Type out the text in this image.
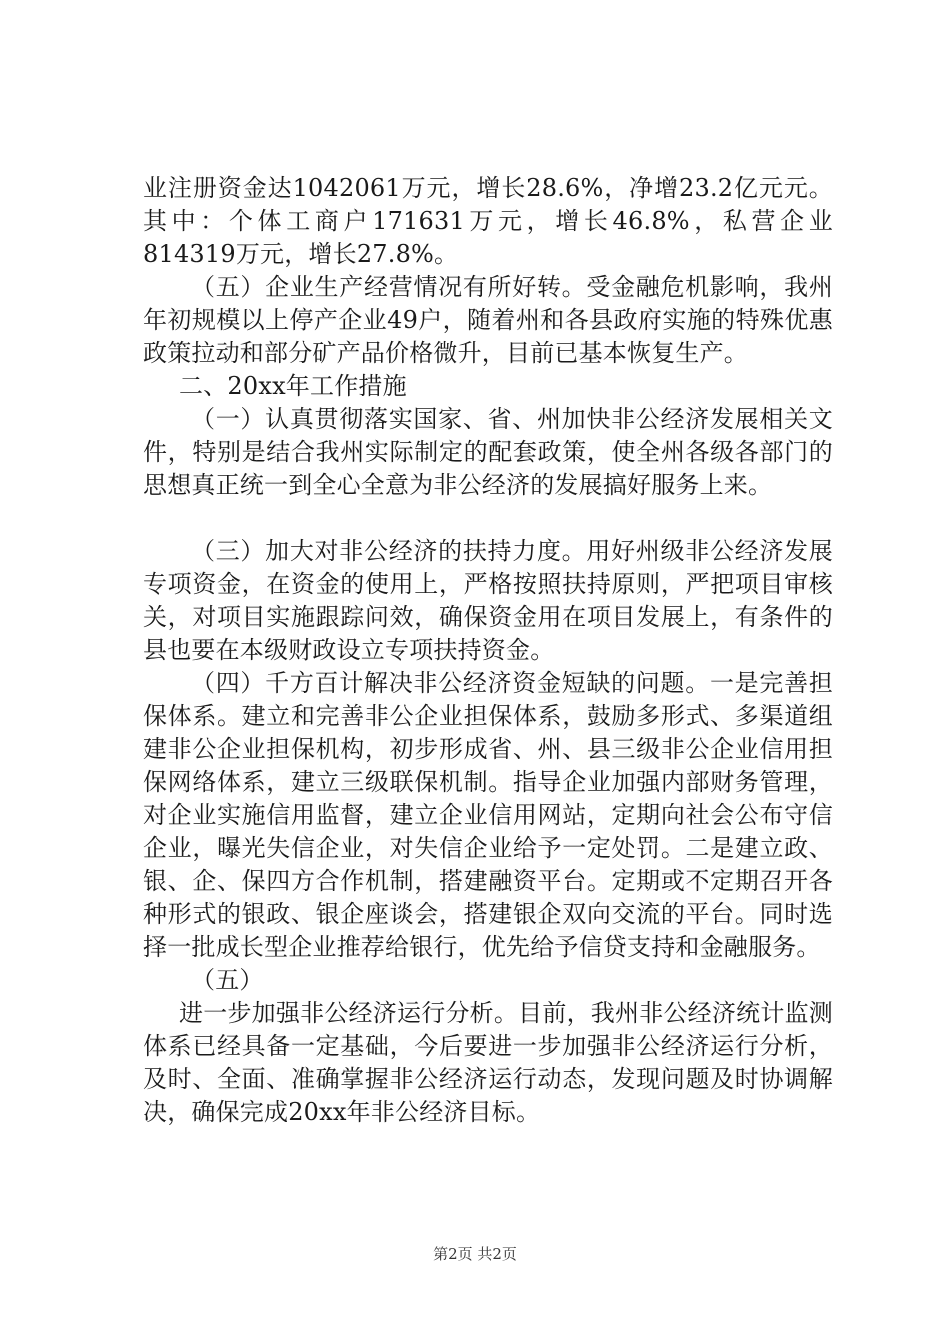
业注册资金达1042061万元，增长28.6%，净增23.2亿元元。其中：个体工商户171631万元，增长46.8%，私营企业814319万元，增长27.8%。

（五）企业生产经营情况有所好转。受金融危机影响，我州年初规模以上停产企业49户，随着州和各县政府实施的特殊优惠政策拉动和部分矿产品价格微升，目前已基本恢复生产。

二、20xx年工作措施

（一）认真贯彻落实国家、省、州加快非公经济发展相关文件，特别是结合我州实际制定的配套政策，使全州各级各部门的思想真正统一到全心全意为非公经济的发展搞好服务上来。

（三）加大对非公经济的扶持力度。用好州级非公经济发展专项资金，在资金的使用上，严格按照扶持原则，严把项目审核关，对项目实施跟踪问效，确保资金用在项目发展上，有条件的县也要在本级财政设立专项扶持资金。

（四）千方百计解决非公经济资金短缺的问题。一是完善担保体系。建立和完善非公企业担保体系，鼓励多形式、多渠道组建非公企业担保机构，初步形成省、州、县三级非公企业信用担保网络体系，建立三级联保机制。指导企业加强内部财务管理，对企业实施信用监督，建立企业信用网站，定期向社会公布守信企业，曝光失信企业，对失信企业给予一定处罚。二是建立政、银、企、保四方合作机制，搭建融资平台。定期或不定期召开各种形式的银政、银企座谈会，搭建银企双向交流的平台。同时选择一批成长型企业推荐给银行，优先给予信贷支持和金融服务。

（五）

进一步加强非公经济运行分析。目前，我州非公经济统计监测体系已经具备一定基础，今后要进一步加强非公经济运行分析，及时、全面、准确掌握非公经济运行动态，发现问题及时协调解决，确保完成20xx年非公经济目标。

第2页 共2页
